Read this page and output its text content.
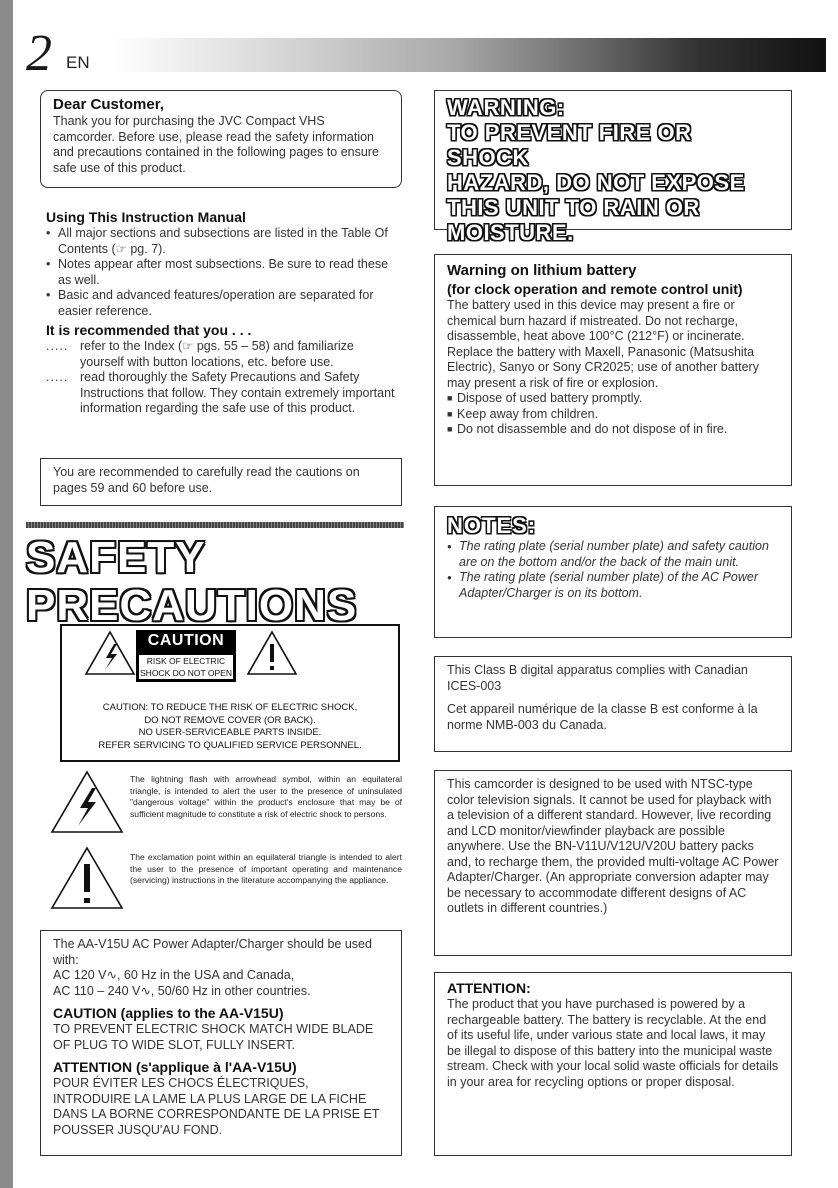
2 EN
Dear Customer,
Thank you for purchasing the JVC Compact VHS camcorder. Before use, please read the safety information and precautions contained in the following pages to ensure safe use of this product.
Using This Instruction Manual
• All major sections and subsections are listed in the Table Of Contents (☞ pg. 7).
• Notes appear after most subsections. Be sure to read these as well.
• Basic and advanced features/operation are separated for easier reference.
It is recommended that you . . .
..... refer to the Index (☞ pgs. 55 – 58) and familiarize yourself with button locations, etc. before use.
..... read thoroughly the Safety Precautions and Safety Instructions that follow. They contain extremely important information regarding the safe use of this product.
You are recommended to carefully read the cautions on pages 59 and 60 before use.
SAFETY
PRECAUTIONS
CAUTION
RISK OF ELECTRIC SHOCK DO NOT OPEN
CAUTION: TO REDUCE THE RISK OF ELECTRIC SHOCK,
DO NOT REMOVE COVER (OR BACK).
NO USER-SERVICEABLE PARTS INSIDE.
REFER SERVICING TO QUALIFIED SERVICE PERSONNEL.
The lightning flash with arrowhead symbol, within an equilateral triangle, is intended to alert the user to the presence of uninsulated "dangerous voltage" within the product's enclosure that may be of sufficient magnitude to constitute a risk of electric shock to persons.
The exclamation point within an equilateral triangle is intended to alert the user to the presence of important operating and maintenance (servicing) instructions in the literature accompanying the appliance.
The AA-V15U AC Power Adapter/Charger should be used with:
AC 120 V∿, 60 Hz in the USA and Canada,
AC 110 – 240 V∿, 50/60 Hz in other countries.
CAUTION (applies to the AA-V15U)
TO PREVENT ELECTRIC SHOCK MATCH WIDE BLADE OF PLUG TO WIDE SLOT, FULLY INSERT.
ATTENTION (s'applique à l'AA-V15U)
POUR ÉVITER LES CHOCS ÉLECTRIQUES, INTRODUIRE LA LAME LA PLUS LARGE DE LA FICHE DANS LA BORNE CORRESPONDANTE DE LA PRISE ET POUSSER JUSQU'AU FOND.
WARNING:
TO PREVENT FIRE OR SHOCK
HAZARD, DO NOT EXPOSE
THIS UNIT TO RAIN OR
MOISTURE.
Warning on lithium battery
(for clock operation and remote control unit)
The battery used in this device may present a fire or chemical burn hazard if mistreated. Do not recharge, disassemble, heat above 100°C (212°F) or incinerate.
Replace the battery with Maxell, Panasonic (Matsushita Electric), Sanyo or Sony CR2025; use of another battery may present a risk of fire or explosion.
■ Dispose of used battery promptly.
■ Keep away from children.
■ Do not disassemble and do not dispose of in fire.
NOTES:
● The rating plate (serial number plate) and safety caution are on the bottom and/or the back of the main unit.
● The rating plate (serial number plate) of the AC Power Adapter/Charger is on its bottom.
This Class B digital apparatus complies with Canadian ICES-003
Cet appareil numérique de la classe B est conforme à la norme NMB-003 du Canada.
This camcorder is designed to be used with NTSC-type color television signals. It cannot be used for playback with a television of a different standard. However, live recording and LCD monitor/viewfinder playback are possible anywhere. Use the BN-V11U/V12U/V20U battery packs and, to recharge them, the provided multi-voltage AC Power Adapter/Charger. (An appropriate conversion adapter may be necessary to accommodate different designs of AC outlets in different countries.)
ATTENTION:
The product that you have purchased is powered by a rechargeable battery. The battery is recyclable. At the end of its useful life, under various state and local laws, it may be illegal to dispose of this battery into the municipal waste stream. Check with your local solid waste officials for details in your area for recycling options or proper disposal.
